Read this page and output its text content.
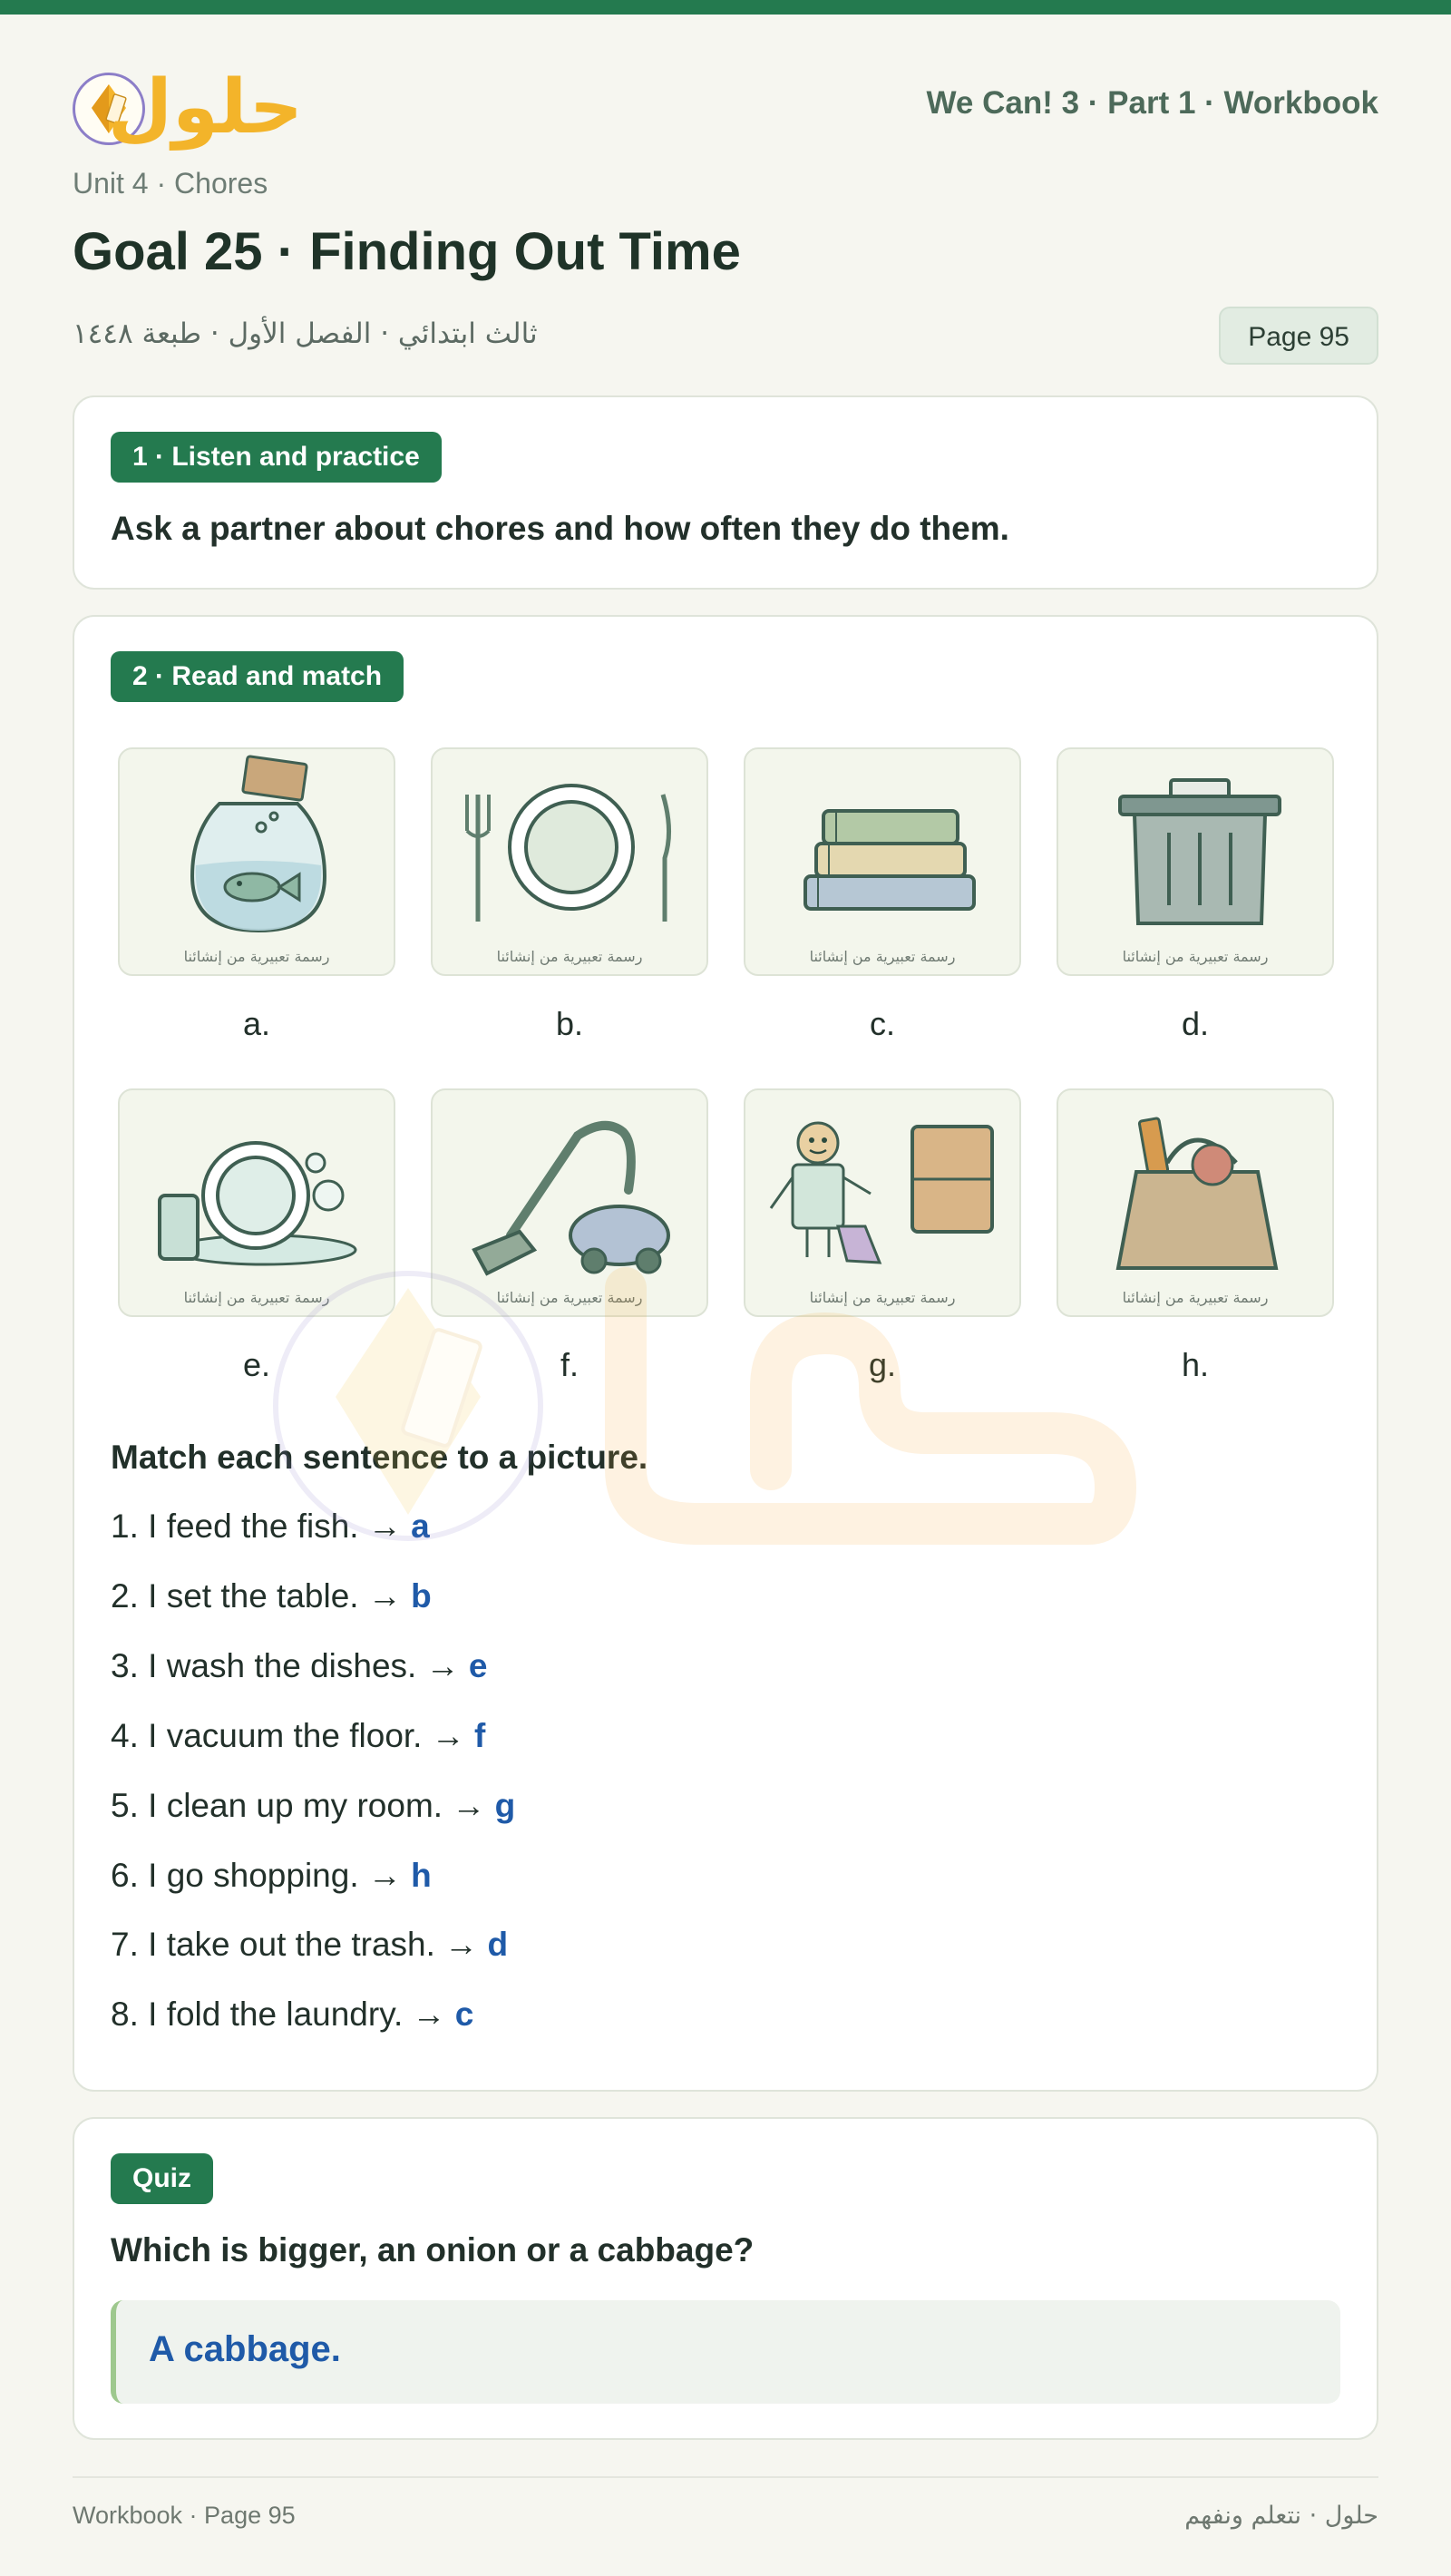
حلول	We Can! 3 · Part 1 · Workbook
Unit 4 · Chores
Goal 25 · Finding Out Time
ثالث ابتدائي · الفصل الأول · طبعة ١٤٤٨	Page 95
1 · Listen and practice
Ask a partner about chores and how often they do them.
2 · Read and match
رسمة تعبيرية من إنشائنا	رسمة تعبيرية من إنشائنا	رسمة تعبيرية من إنشائنا	رسمة تعبيرية من إنشائنا
a.	b.	c.	d.
رسمة تعبيرية من إنشائنا	رسمة تعبيرية من إنشائنا	رسمة تعبيرية من إنشائنا	رسمة تعبيرية من إنشائنا
e.	f.	g.	h.
Match each sentence to a picture.
1. I feed the fish. → a
2. I set the table. → b
3. I wash the dishes. → e
4. I vacuum the floor. → f
5. I clean up my room. → g
6. I go shopping. → h
7. I take out the trash. → d
8. I fold the laundry. → c
Quiz
Which is bigger, an onion or a cabbage?
A cabbage.
Workbook · Page 95	حلول · نتعلم ونفهم
